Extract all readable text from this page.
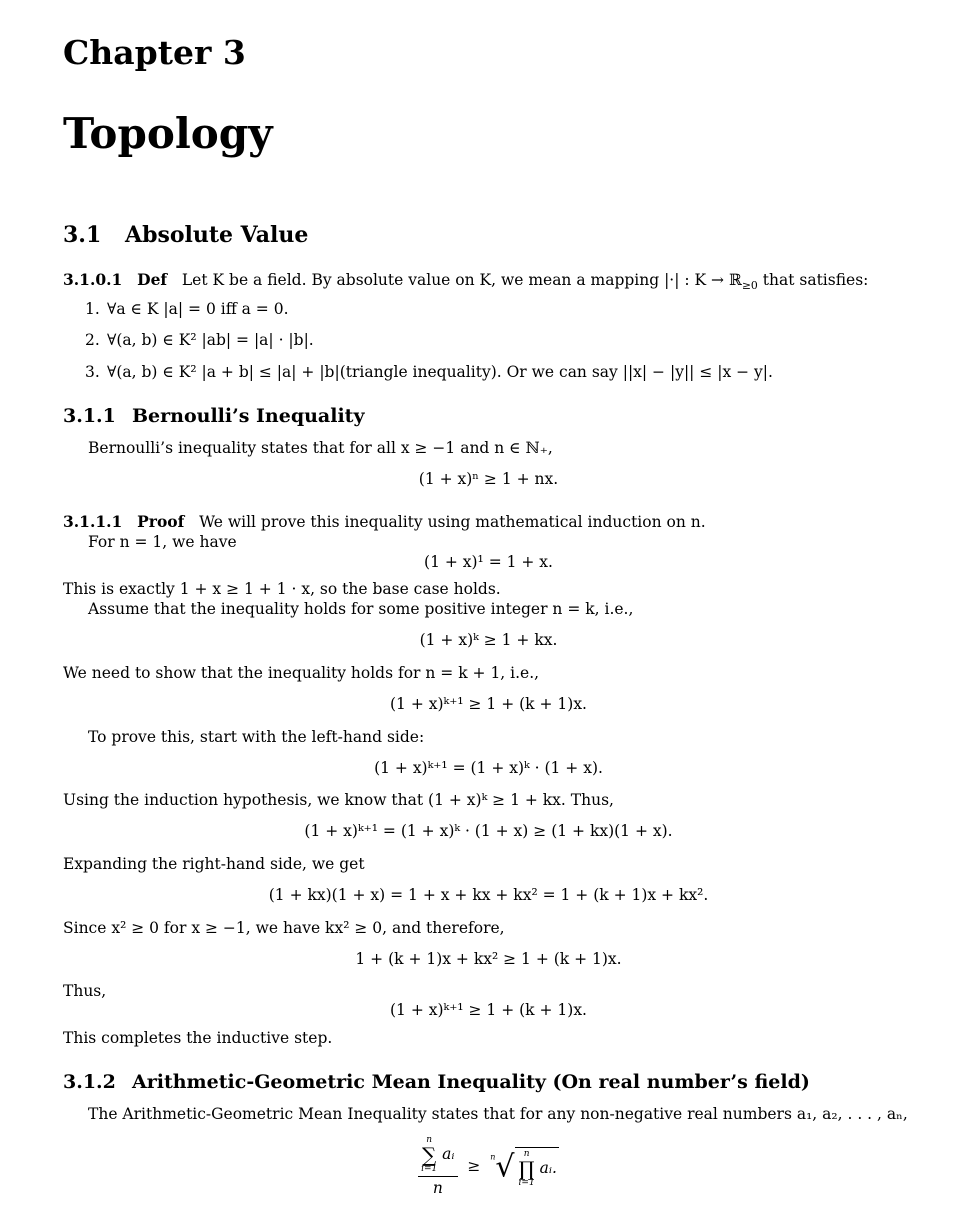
Chapter 3
Topology
3.1 Absolute Value
3.1.0.1 Def Let K be a field. By absolute value on K, we mean a mapping |·| : K → ℝ$_{\ge 0}$ that satisfies:
1. ∀a ∈ K |a| = 0 iff a = 0.
2. ∀(a, b) ∈ K² |ab| = |a| · |b|.
3. ∀(a, b) ∈ K² |a + b| ≤ |a| + |b|(triangle inequality). Or we can say ||x| − |y|| ≤ |x − y|.
3.1.1 Bernoulli’s Inequality
Bernoulli’s inequality states that for all x ≥ −1 and n ∈ ℕ₊,
(1 + x)ⁿ ≥ 1 + nx.
3.1.1.1 Proof We will prove this inequality using mathematical induction on n.
For n = 1, we have
(1 + x)¹ = 1 + x.
This is exactly 1 + x ≥ 1 + 1 · x, so the base case holds.
Assume that the inequality holds for some positive integer n = k, i.e.,
(1 + x)ᵏ ≥ 1 + kx.
We need to show that the inequality holds for n = k + 1, i.e.,
(1 + x)ᵏ⁺¹ ≥ 1 + (k + 1)x.
To prove this, start with the left-hand side:
(1 + x)ᵏ⁺¹ = (1 + x)ᵏ · (1 + x).
Using the induction hypothesis, we know that (1 + x)ᵏ ≥ 1 + kx. Thus,
(1 + x)ᵏ⁺¹ = (1 + x)ᵏ · (1 + x) ≥ (1 + kx)(1 + x).
Expanding the right-hand side, we get
(1 + kx)(1 + x) = 1 + x + kx + kx² = 1 + (k + 1)x + kx².
Since x² ≥ 0 for x ≥ −1, we have kx² ≥ 0, and therefore,
1 + (k + 1)x + kx² ≥ 1 + (k + 1)x.
Thus,
(1 + x)ᵏ⁺¹ ≥ 1 + (k + 1)x.
This completes the inductive step.
3.1.2 Arithmetic-Geometric Mean Inequality (On real number’s field)
The Arithmetic-Geometric Mean Inequality states that for any non-negative real numbers a₁, a₂, . . . , aₙ,
n
∑
i=1
aᵢ
n ≥  $^n$√	n
∏
i=1
aᵢ.
